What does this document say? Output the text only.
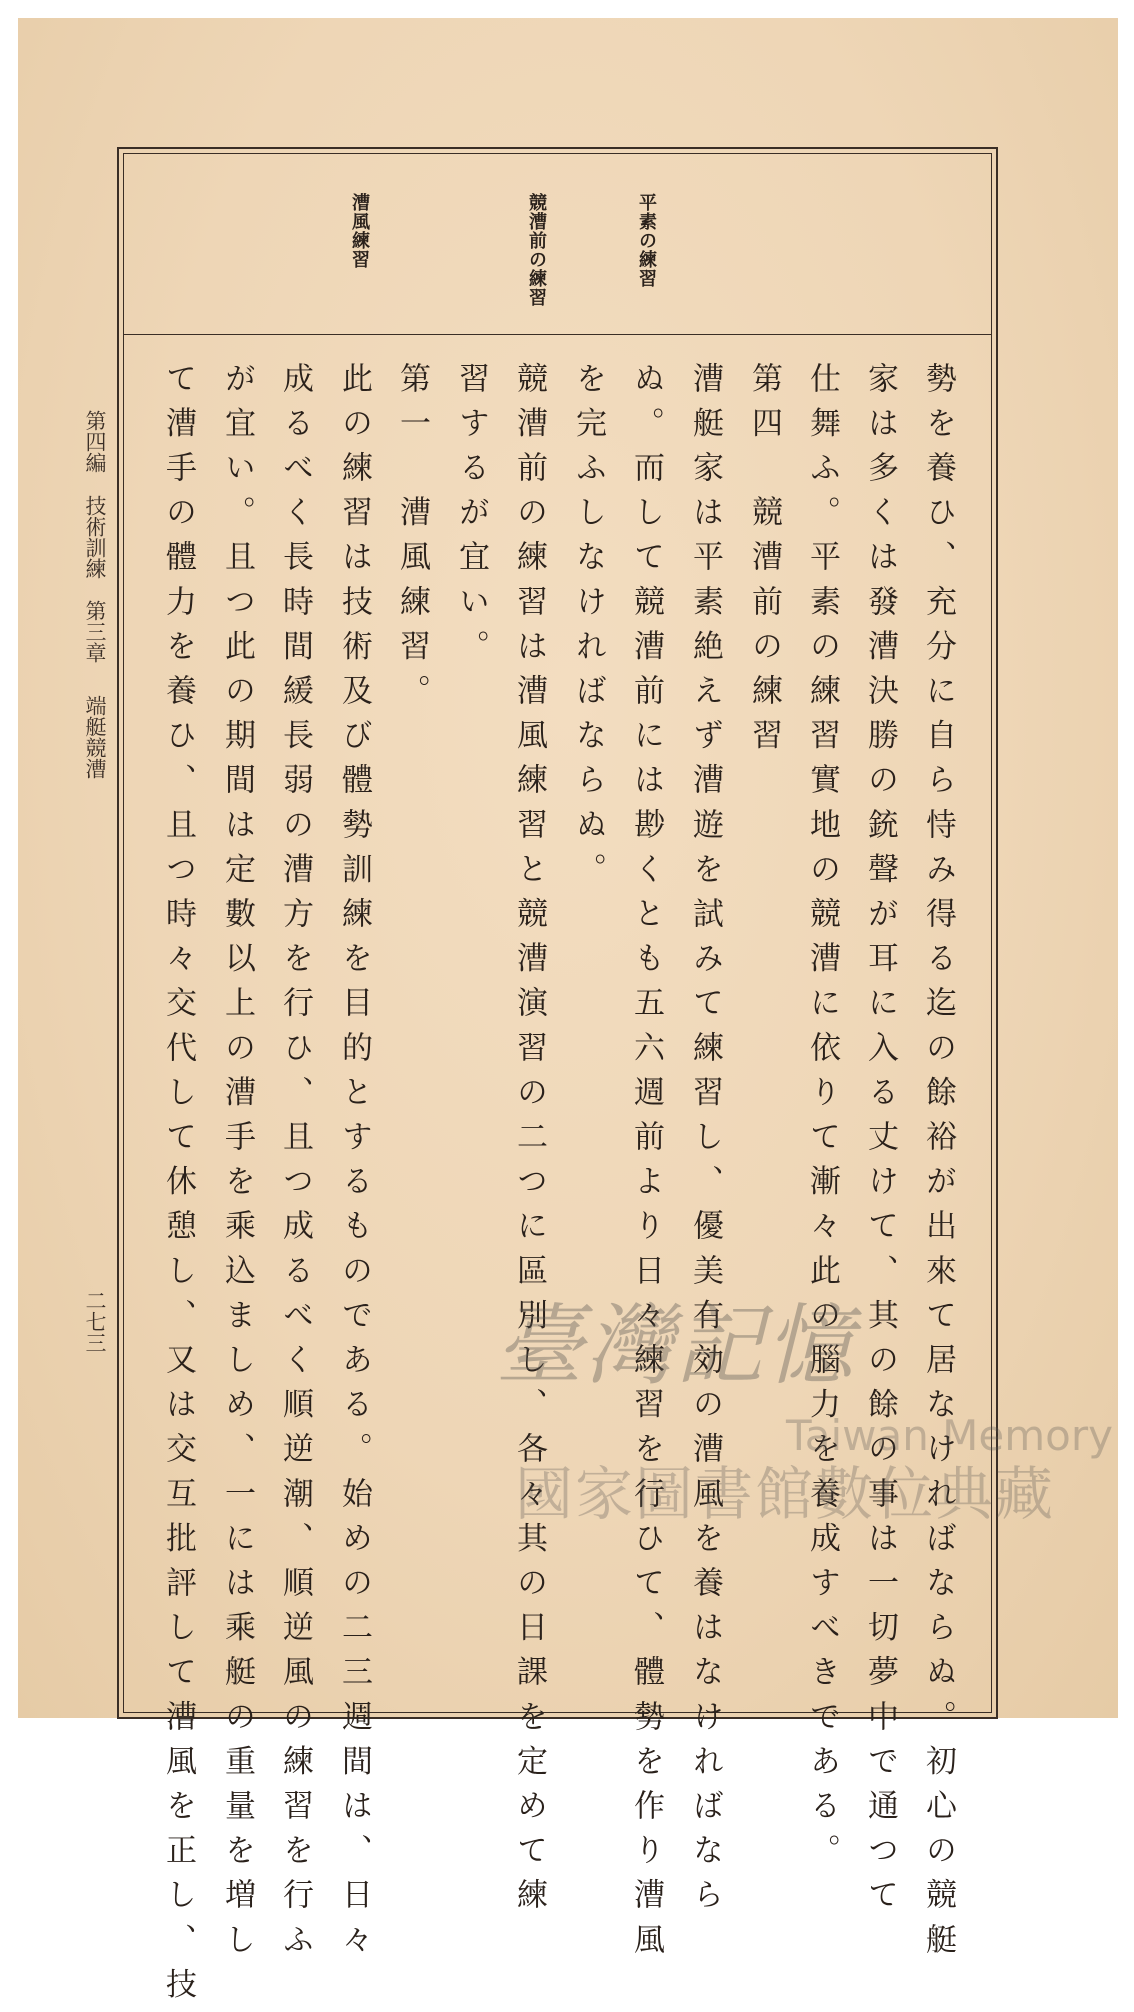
平素の練習
競漕前の練習
漕風練習
勢を養ひ、充分に自ら恃み得る迄の餘裕が出來て居なければならぬ。初心の競艇
家は多くは發漕決勝の銃聲が耳に入る丈けて、其の餘の事は一切夢中で通つて
仕舞ふ。平素の練習實地の競漕に依りて漸々此の腦力を養成すべきである。
第四　競漕前の練習
漕艇家は平素絶えず漕遊を試みて練習し、優美有効の漕風を養はなければなら
ぬ。而して競漕前には尠くとも五六週前より日々練習を行ひて、體勢を作り漕風
を完ふしなければならぬ。
競漕前の練習は漕風練習と競漕演習の二つに區別し、各々其の日課を定めて練
習するが宜い。
第一　漕風練習。
此の練習は技術及び體勢訓練を目的とするものである。始めの二三週間は、日々
成るべく長時間緩長弱の漕方を行ひ、且つ成るべく順逆潮、順逆風の練習を行ふ
が宜い。且つ此の期間は定數以上の漕手を乘込ましめ、一には乘艇の重量を増し
て漕手の體力を養ひ、且つ時々交代して休憩し、又は交互批評して漕風を正し、技
第四編
技術訓練
第三章
端艇競漕
二七三	臺灣記憶
Taiwan Memory
國家圖書館數位典藏
